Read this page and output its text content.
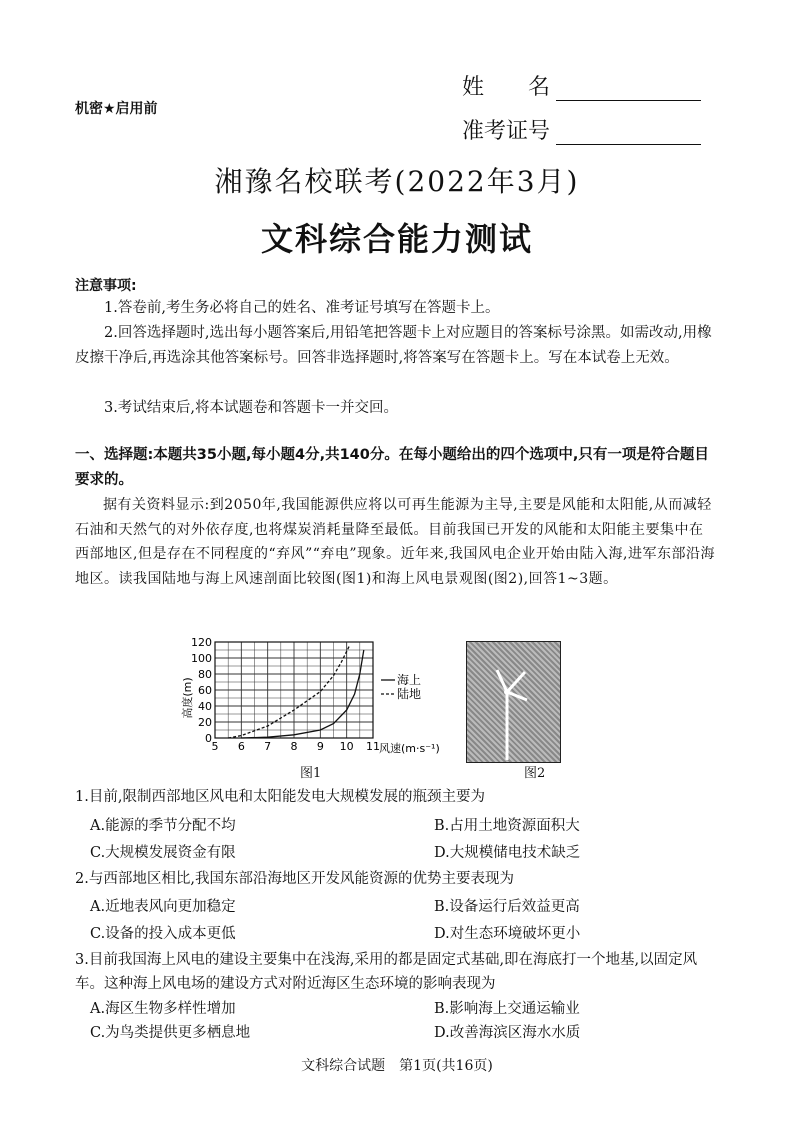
机密★启用前
姓　　名
准考证号
湘豫名校联考(2022年3月)
文科综合能力测试
注意事项:
1.答卷前,考生务必将自己的姓名、准考证号填写在答题卡上。
2.回答选择题时,选出每小题答案后,用铅笔把答题卡上对应题目的答案标号涂黑。如需改动,用橡皮擦干净后,再选涂其他答案标号。回答非选择题时,将答案写在答题卡上。写在本试卷上无效。
3.考试结束后,将本试题卷和答题卡一并交回。
一、选择题:本题共35小题,每小题4分,共140分。在每小题给出的四个选项中,只有一项是符合题目要求的。
据有关资料显示:到2050年,我国能源供应将以可再生能源为主导,主要是风能和太阳能,从而减轻石油和天然气的对外依存度,也将煤炭消耗量降至最低。目前我国已开发的风能和太阳能主要集中在西部地区,但是存在不同程度的“弃风”“弃电”现象。近年来,我国风电企业开始由陆入海,进军东部沿海地区。读我国陆地与海上风速剖面比较图(图1)和海上风电景观图(图2),回答1~3题。
5 6 7 8 9 10 11
0
20
40
60
80
100
120
高度(m)
风速(m·s⁻¹)
海上
陆地
图1	图2
1.目前,限制西部地区风电和太阳能发电大规模发展的瓶颈主要为
A.能源的季节分配不均	B.占用土地资源面积大
C.大规模发展资金有限	D.大规模储电技术缺乏
2.与西部地区相比,我国东部沿海地区开发风能资源的优势主要表现为
A.近地表风向更加稳定	B.设备运行后效益更高
C.设备的投入成本更低	D.对生态环境破坏更小
3.目前我国海上风电的建设主要集中在浅海,采用的都是固定式基础,即在海底打一个地基,以固定风车。这种海上风电场的建设方式对附近海区生态环境的影响表现为
A.海区生物多样性增加	B.影响海上交通运输业
C.为鸟类提供更多栖息地	D.改善海滨区海水水质
文科综合试题　第1页(共16页)
